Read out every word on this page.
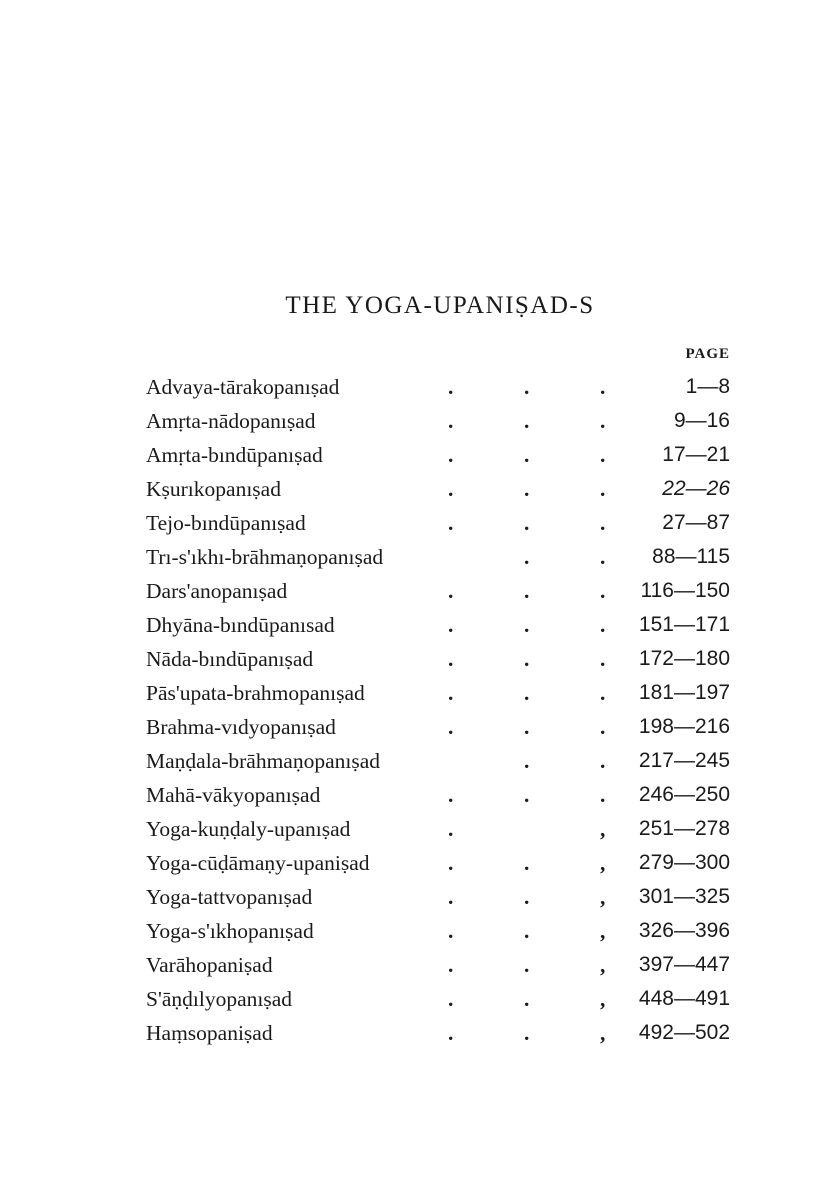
THE YOGA-UPANIṢAD-S
PAGE
Advaya-tārakopanıṣad	.	.	.	1—8
Amṛta-nādopanıṣad	.	.	.	9—16
Amṛta-bındūpanıṣad	.	.	.	17—21
Kṣurıkopanıṣad	.	.	.	22—26
Tejo-bındūpanıṣad	.	.	.	27—87
Trı-s'ıkhı-brāhmaṇopanıṣad	.	. 88—115
Dars'anopanıṣad	.	.	. 116—150
Dhyāna-bındūpanısad	.	.	. 151—171
Nāda-bındūpanıṣad	.	.	. 172—180
Pās'upata-brahmopanıṣad	.	.	. 181—197
Brahma-vıdyopanıṣad	.	.	. 198—216
Maṇḍala-brāhmaṇopanıṣad	.	. 217—245
Mahā-vākyopanıṣad	.	.	. 246—250
Yoga-kuṇḍaly-upanıṣad	.	, 251—278
Yoga-cūḍāmaṇy-upaniṣad	.	.	, 279—300
Yoga-tattvopanıṣad	.	.	, 301—325
Yoga-s'ıkhopanıṣad	.	.	, 326—396
Varāhopaniṣad	.	.	, 397—447
S'āṇḍılyopanıṣad	.	.	, 448—491
Haṃsopaniṣad	.	.	, 492—502
